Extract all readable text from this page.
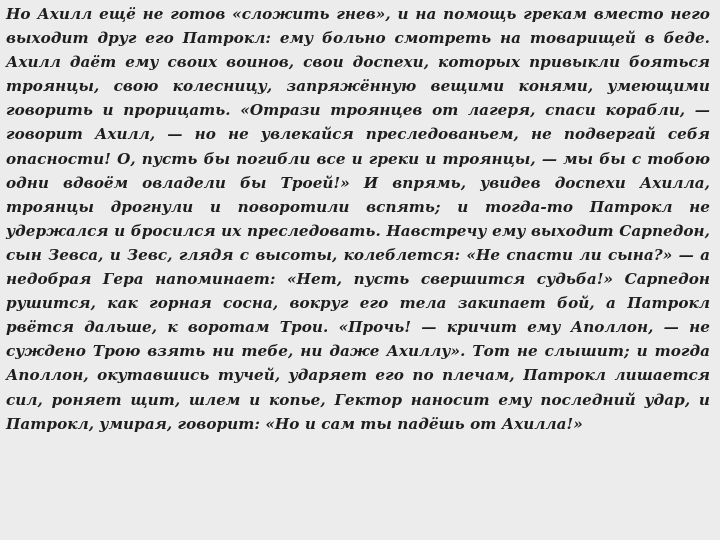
Но Ахилл ещё не готов «сложить гнев», и на помощь грекам вместо него выходит друг его Патрокл: ему больно смотреть на товарищей в беде. Ахилл даёт ему своих воинов, свои доспехи, которых привыкли бояться троянцы, свою колесницу, запряжённую вещими конями, умеющими говорить и прорицать. «Отрази троянцев от лагеря, спаси корабли, — говорит Ахилл, — но не увлекайся преследованьем, не подвергай себя опасности! О, пусть бы погибли все и греки и троянцы, — мы бы с тобою одни вдвоём овладели бы Троей!» И впрямь, увидев доспехи Ахилла, троянцы дрогнули и поворотили вспять; и тогда-то Патрокл не удержался и бросился их преследовать. Навстречу ему выходит Сарпедон, сын Зевса, и Зевс, глядя с высоты, колеблется: «Не спасти ли сына?» — а недобрая Гера напоминает: «Нет, пусть свершится судьба!» Сарпедон рушится, как горная сосна, вокруг его тела закипает бой, а Патрокл рвётся дальше, к воротам Трои. «Прочь! — кричит ему Аполлон, — не суждено Трою взять ни тебе, ни даже Ахиллу». Тот не слышит; и тогда Аполлон, окутавшись тучей, ударяет его по плечам, Патрокл лишается сил, роняет щит, шлем и копье, Гектор наносит ему последний удар, и Патрокл, умирая, говорит: «Но и сам ты падёшь от Ахилла!»
